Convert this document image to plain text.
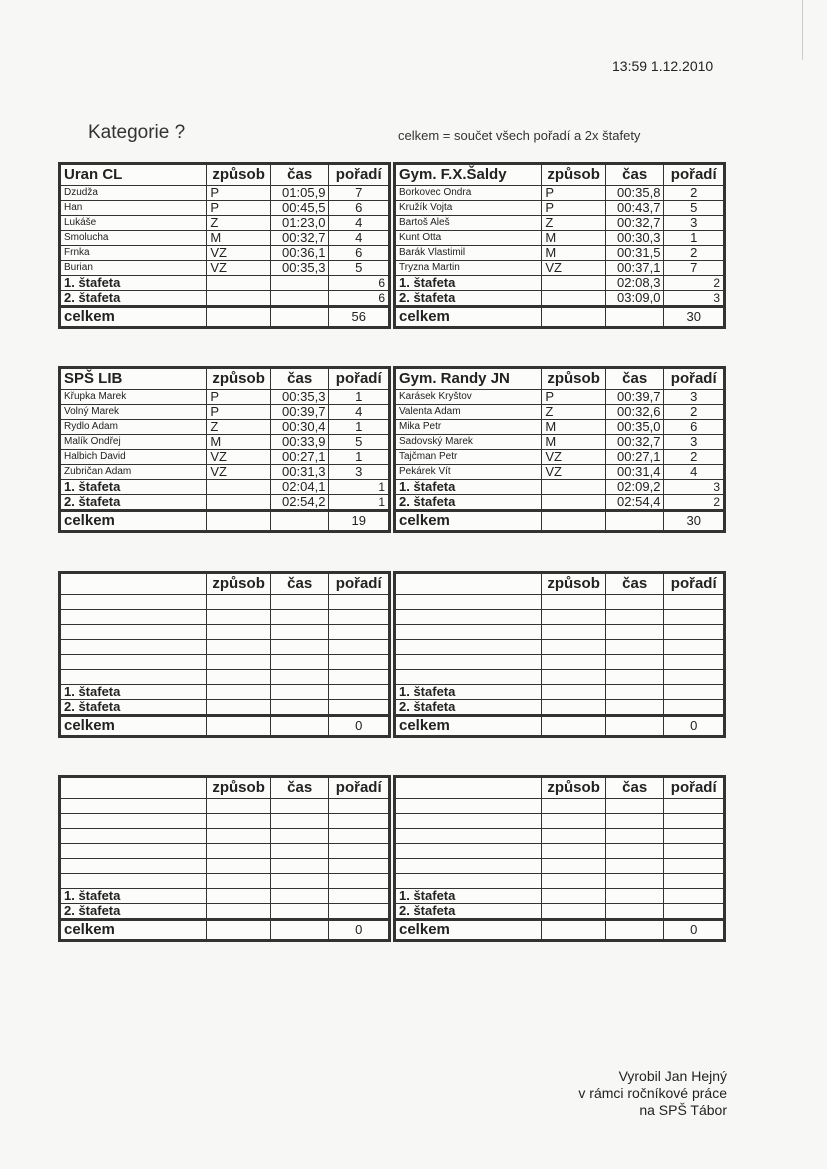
13:59 1.12.2010
Kategorie ?	celkem = součet všech pořadí a 2x štafety
Uran CL	způsob	čas	pořadí
Dzudža	P	01:05,9	7
Han	P	00:45,5	6
Lukáše	Z	01:23,0	4
Smolucha	M	00:32,7	4
Frnka	VZ	00:36,1	6
Burian	VZ	00:35,3	5
1. štafeta			6
2. štafeta			6
celkem			56
Gym. F.X.Šaldy	způsob	čas	pořadí
Borkovec Ondra	P	00:35,8	2
Kružík Vojta	P	00:43,7	5
Bartoš Aleš	Z	00:32,7	3
Kunt Otta	M	00:30,3	1
Barák Vlastimil	M	00:31,5	2
Tryzna Martin	VZ	00:37,1	7
1. štafeta		02:08,3	2
2. štafeta		03:09,0	3
celkem			30
SPŠ LIB	způsob	čas	pořadí
Křupka Marek	P	00:35,3	1
Volný Marek	P	00:39,7	4
Rydlo Adam	Z	00:30,4	1
Malík Ondřej	M	00:33,9	5
Halbich David	VZ	00:27,1	1
Zubričan Adam	VZ	00:31,3	3
1. štafeta		02:04,1	1
2. štafeta		02:54,2	1
celkem			19
Gym. Randy JN	způsob	čas	pořadí
Karásek Kryštov	P	00:39,7	3
Valenta Adam	Z	00:32,6	2
Mika Petr	M	00:35,0	6
Sadovský Marek	M	00:32,7	3
Tajčman Petr	VZ	00:27,1	2
Pekárek Vít	VZ	00:31,4	4
1. štafeta		02:09,2	3
2. štafeta		02:54,4	2
celkem			30
	způsob	čas	pořadí

1. štafeta			
2. štafeta			
celkem			0
	způsob	čas	pořadí

1. štafeta			
2. štafeta			
celkem			0
	způsob	čas	pořadí

1. štafeta			
2. štafeta			
celkem			0
	způsob	čas	pořadí

1. štafeta			
2. štafeta			
celkem			0
Vyrobil Jan Hejný
v rámci ročníkové práce
na SPŠ Tábor
